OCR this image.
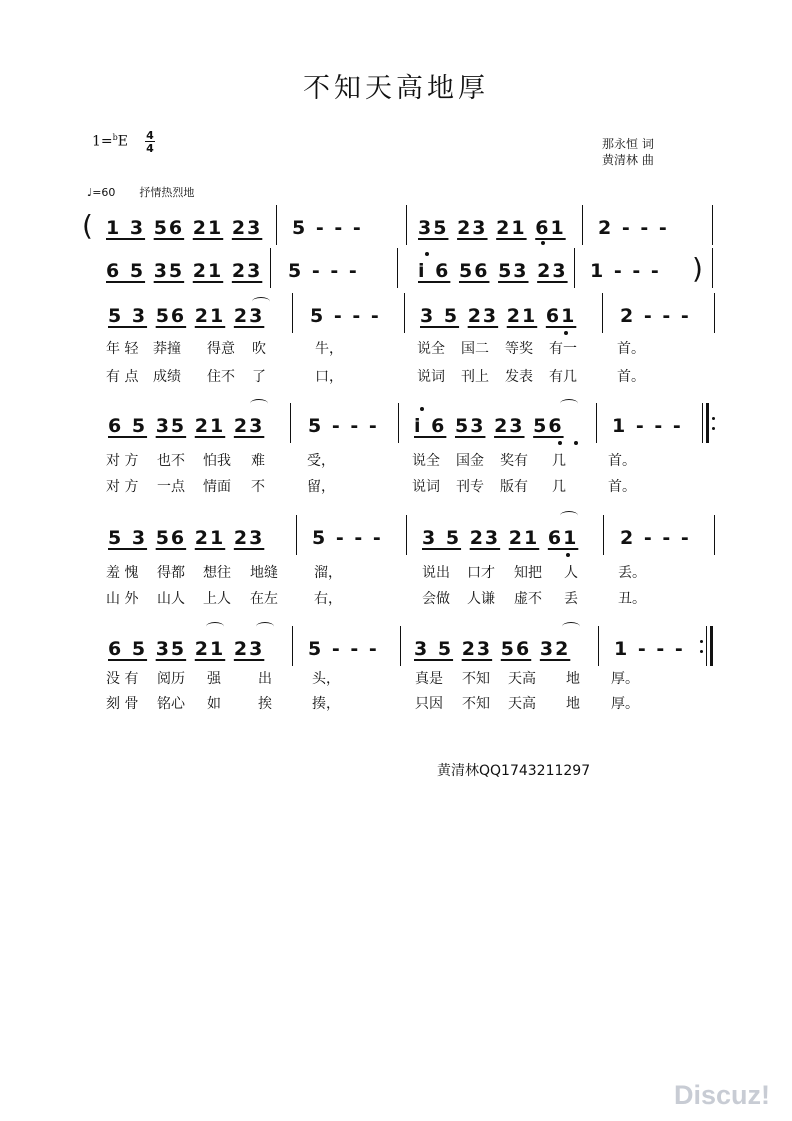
不知天高地厚
1=$^b$E 4
4	那永恒 词
黄清林 曲
♩=60 抒情热烈地
( 1 3 56 21 23 5 - - -	35 23 21 61 2 - - -
6 5 35 21 23 5 - - -	i 6 56 53 23 1 - - - )
5 3 56 21 23 5 - - - 3 5 23 21 61 2 - - -
年 轻 莽撞 得意 吹	牛，	说全 国二 等奖 有一	首。
有 点 成绩 住不 了	口，	说词 刊上 发表 有几	首。
6 5 35 21 23 5 - - - i 6 53 23 56	1 - - -
对 方 也不 怕我 难	受，	说全 国金 奖有 几	首。
对 方 一点 情面 不	留，	说词 刊专 版有 几	首。
5 3 56 21 23	5 - - - 3 5 23 21 61 2 - - -
羞 愧 得都 想往 地缝	溜，	说出 口才 知把 人	丢。
山 外 山人 上人 在左	右，	会做 人谦 虚不 丢	丑。
6 5 35 21 23 5 - - - 3 5 23 56 32 1 - - -
没 有 阅历 强	出	头，	真是 不知 天高 地 厚。
刻 骨 铭心 如	挨	揍，	只因 不知 天高 地 厚。
黄清林QQ1743211297
Discuz!
